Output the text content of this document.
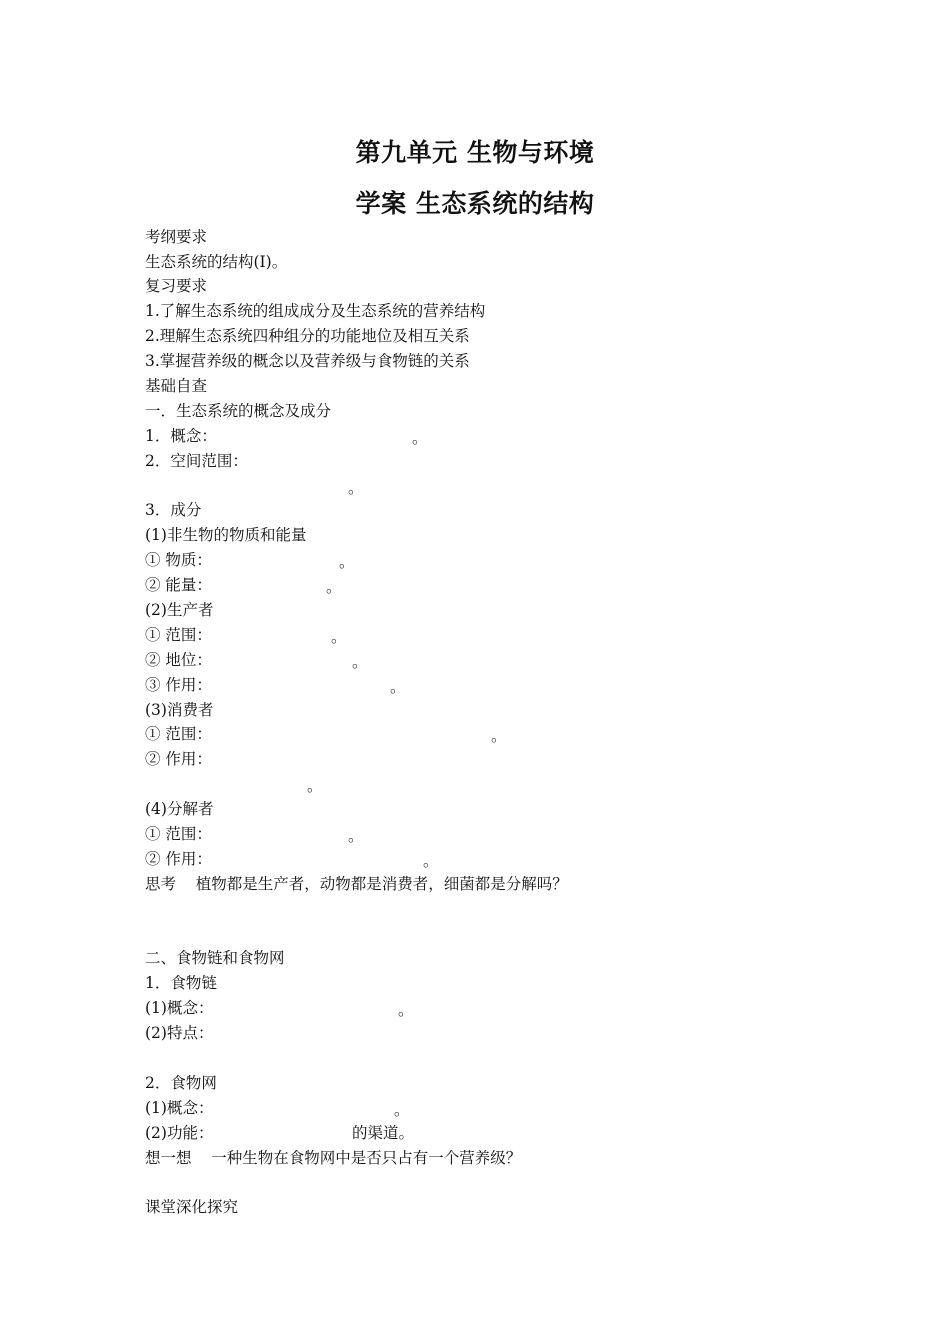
第九单元 生物与环境
学案 生态系统的结构
考纲要求
生态系统的结构(I)。
复习要求
1.了解生态系统的组成成分及生态系统的营养结构
2.理解生态系统四种组分的功能地位及相互关系
3.掌握营养级的概念以及营养级与食物链的关系
基础自查
一．生态系统的概念及成分
1．概念：	。
2．空间范围：
。
3．成分
(1)非生物的物质和能量
① 物质：	。
② 能量：	。
(2)生产者
① 范围：	。
② 地位：	。
③ 作用：	。
(3)消费者
① 范围：	。
② 作用：
。
(4)分解者
① 范围：	。
② 作用：	。
思考    植物都是生产者，动物都是消费者，细菌都是分解吗？
二、食物链和食物网
1．食物链
(1)概念：	。
(2)特点：
2．食物网
(1)概念：	。
(2)功能：	的渠道。
想一想    一种生物在食物网中是否只占有一个营养级？
课堂深化探究
